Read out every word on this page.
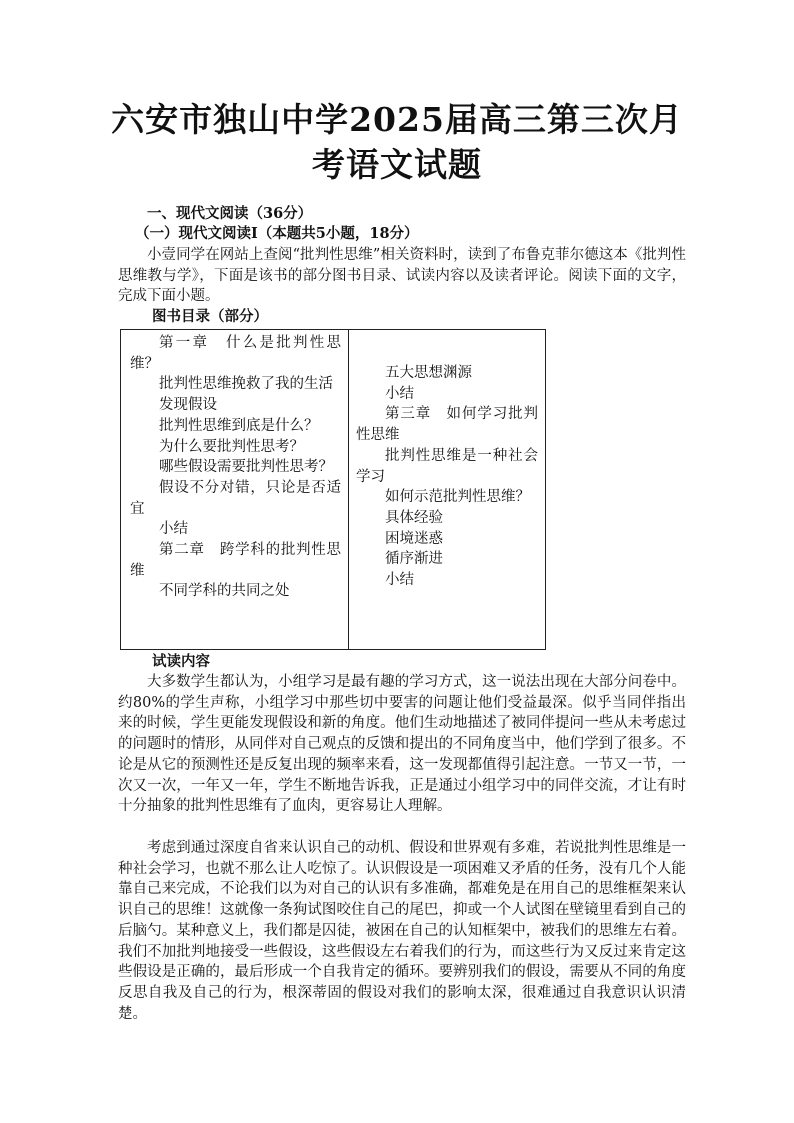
六安市独山中学2025届高三第三次月
考语文试题
一、现代文阅读（36分）
（一）现代文阅读Ⅰ（本题共5小题，18分）

小壹同学在网站上查阅“批判性思维”相关资料时，读到了布鲁克菲尔德这本《批判性思维教与学》，下面是该书的部分图书目录、试读内容以及读者评论。阅读下面的文字，完成下面小题。

图书目录（部分）

第一章　什么是批判性思维？

批判性思维挽救了我的生活

发现假设

批判性思维到底是什么？

为什么要批判性思考？

哪些假设需要批判性思考？

假设不分对错，只论是否适宜

小结

第二章　跨学科的批判性思维

不同学科的共同之处

五大思想渊源

小结

第三章　如何学习批判性思维

批判性思维是一种社会学习

如何示范批判性思维？

具体经验

困境迷惑

循序渐进

小结

试读内容

大多数学生都认为，小组学习是最有趣的学习方式，这一说法出现在大部分问卷中。约80%的学生声称，小组学习中那些切中要害的问题让他们受益最深。似乎当同伴指出来的时候，学生更能发现假设和新的角度。他们生动地描述了被同伴提问一些从未考虑过的问题时的情形，从同伴对自己观点的反馈和提出的不同角度当中，他们学到了很多。不论是从它的预测性还是反复出现的频率来看，这一发现都值得引起注意。一节又一节，一次又一次，一年又一年，学生不断地告诉我，正是通过小组学习中的同伴交流，才让有时十分抽象的批判性思维有了血肉，更容易让人理解。

考虑到通过深度自省来认识自己的动机、假设和世界观有多难，若说批判性思维是一种社会学习，也就不那么让人吃惊了。认识假设是一项困难又矛盾的任务，没有几个人能靠自己来完成，不论我们以为对自己的认识有多准确，都难免是在用自己的思维框架来认识自己的思维！这就像一条狗试图咬住自己的尾巴，抑或一个人试图在壁镜里看到自己的后脑勺。某种意义上，我们都是囚徒，被困在自己的认知框架中，被我们的思维左右着。我们不加批判地接受一些假设，这些假设左右着我们的行为，而这些行为又反过来肯定这些假设是正确的，最后形成一个自我肯定的循环。要辨别我们的假设，需要从不同的角度反思自我及自己的行为，根深蒂固的假设对我们的影响太深，很难通过自我意识认识清楚。
